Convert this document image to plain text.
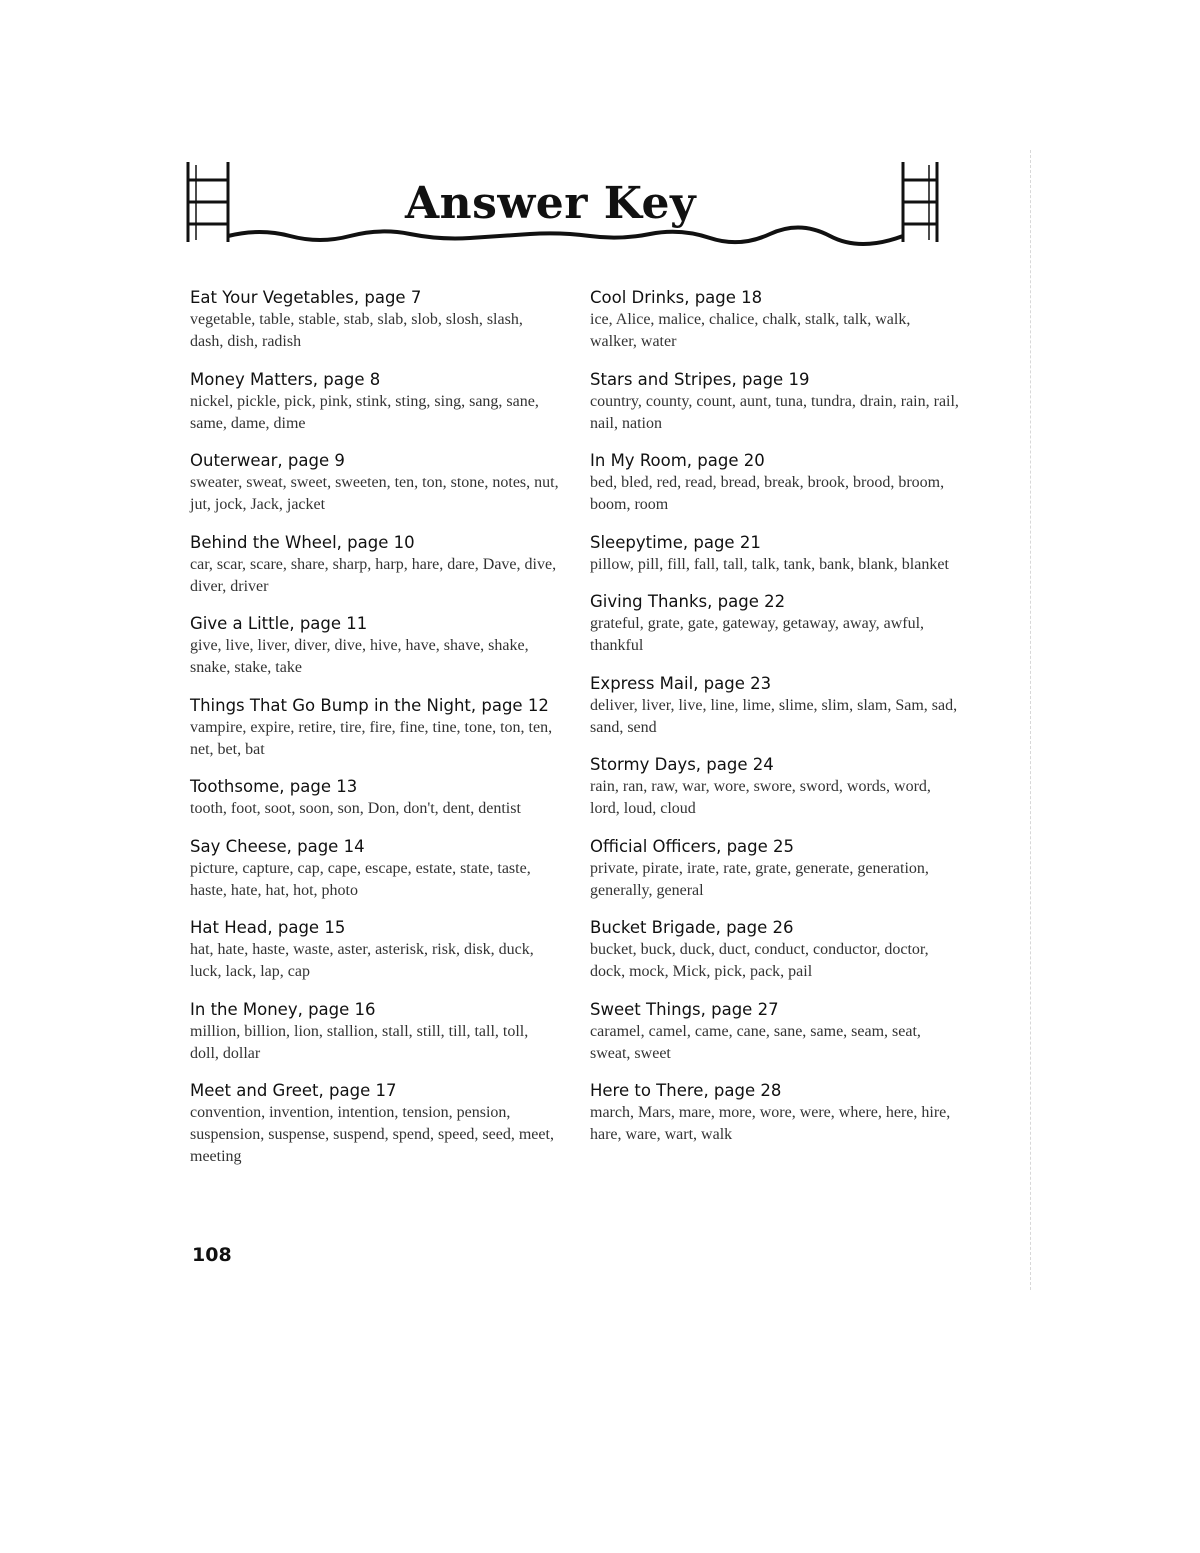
Answer Key
Eat Your Vegetables, page 7
vegetable, table, stable, stab, slab, slob, slosh, slash, dash, dish, radish
Money Matters, page 8
nickel, pickle, pick, pink, stink, sting, sing, sang, sane, same, dame, dime
Outerwear, page 9
sweater, sweat, sweet, sweeten, ten, ton, stone, notes, nut, jut, jock, Jack, jacket
Behind the Wheel, page 10
car, scar, scare, share, sharp, harp, hare, dare, Dave, dive, diver, driver
Give a Little, page 11
give, live, liver, diver, dive, hive, have, shave, shake, snake, stake, take
Things That Go Bump in the Night, page 12
vampire, expire, retire, tire, fire, fine, tine, tone, ton, ten, net, bet, bat
Toothsome, page 13
tooth, foot, soot, soon, son, Don, don't, dent, dentist
Say Cheese, page 14
picture, capture, cap, cape, escape, estate, state, taste, haste, hate, hat, hot, photo
Hat Head, page 15
hat, hate, haste, waste, aster, asterisk, risk, disk, duck, luck, lack, lap, cap
In the Money, page 16
million, billion, lion, stallion, stall, still, till, tall, toll, doll, dollar
Meet and Greet, page 17
convention, invention, intention, tension, pension, suspension, suspense, suspend, spend, speed, seed, meet, meeting
Cool Drinks, page 18
ice, Alice, malice, chalice, chalk, stalk, talk, walk, walker, water
Stars and Stripes, page 19
country, county, count, aunt, tuna, tundra, drain, rain, rail, nail, nation
In My Room, page 20
bed, bled, red, read, bread, break, brook, brood, broom, boom, room
Sleepytime, page 21
pillow, pill, fill, fall, tall, talk, tank, bank, blank, blanket
Giving Thanks, page 22
grateful, grate, gate, gateway, getaway, away, awful, thankful
Express Mail, page 23
deliver, liver, live, line, lime, slime, slim, slam, Sam, sad, sand, send
Stormy Days, page 24
rain, ran, raw, war, wore, swore, sword, words, word, lord, loud, cloud
Official Officers, page 25
private, pirate, irate, rate, grate, generate, generation, generally, general
Bucket Brigade, page 26
bucket, buck, duck, duct, conduct, conductor, doctor, dock, mock, Mick, pick, pack, pail
Sweet Things, page 27
caramel, camel, came, cane, sane, same, seam, seat, sweat, sweet
Here to There, page 28
march, Mars, mare, more, wore, were, where, here, hire, hare, ware, wart, walk
108
